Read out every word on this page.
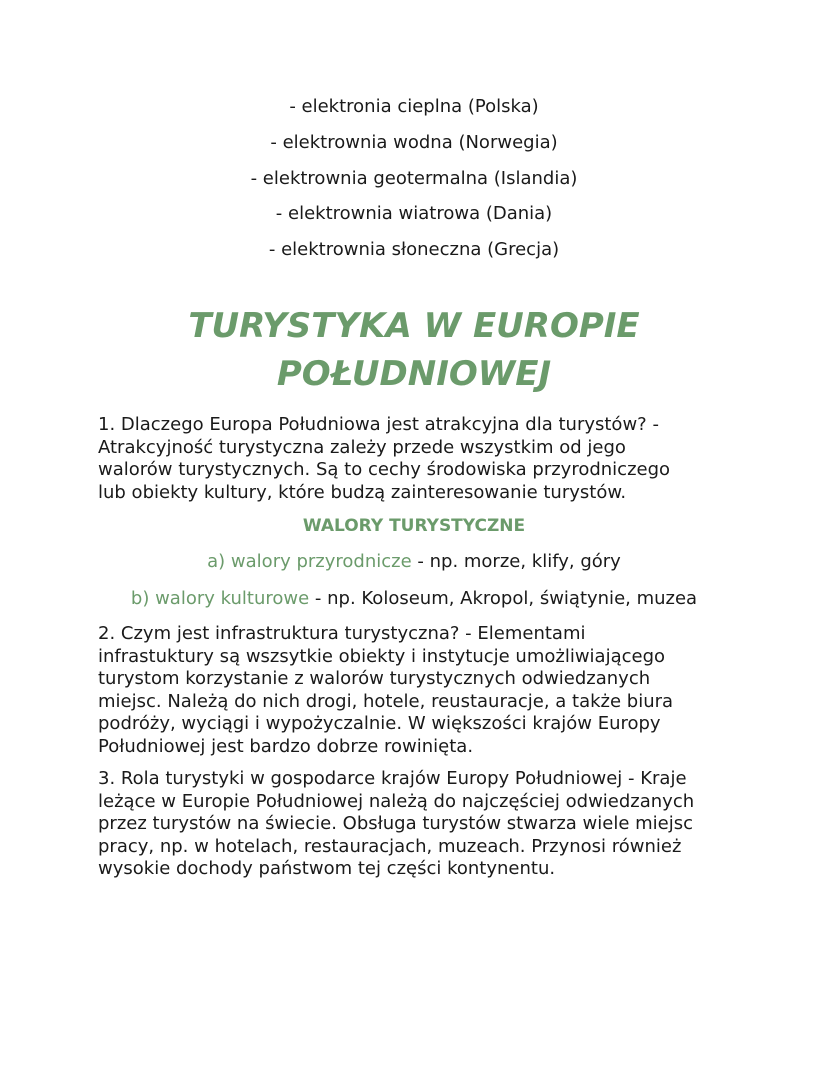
- elektronia cieplna (Polska)
- elektrownia wodna (Norwegia)
- elektrownia geotermalna (Islandia)
- elektrownia wiatrowa (Dania)
- elektrownia słoneczna (Grecja)
TURYSTYKA W EUROPIE
POŁUDNIOWEJ
1. Dlaczego Europa Południowa jest atrakcyjna dla turystów? -
Atrakcyjność turystyczna zależy przede wszystkim od jego
walorów turystycznych. Są to cechy środowiska przyrodniczego
lub obiekty kultury, które budzą zainteresowanie turystów.
WALORY TURYSTYCZNE
a) walory przyrodnicze - np. morze, klify, góry
b) walory kulturowe - np. Koloseum, Akropol, świątynie, muzea
2. Czym jest infrastruktura turystyczna? - Elementami
infrastuktury są wszsytkie obiekty i instytucje umożliwiającego
turystom korzystanie z walorów turystycznych odwiedzanych
miejsc. Należą do nich drogi, hotele, reustauracje, a także biura
podróży, wyciągi i wypożyczalnie. W większości krajów Europy
Południowej jest bardzo dobrze rowinięta.
3. Rola turystyki w gospodarce krajów Europy Południowej - Kraje
leżące w Europie Południowej należą do najczęściej odwiedzanych
przez turystów na świecie. Obsługa turystów stwarza wiele miejsc
pracy, np. w hotelach, restauracjach, muzeach. Przynosi również
wysokie dochody państwom tej części kontynentu.
